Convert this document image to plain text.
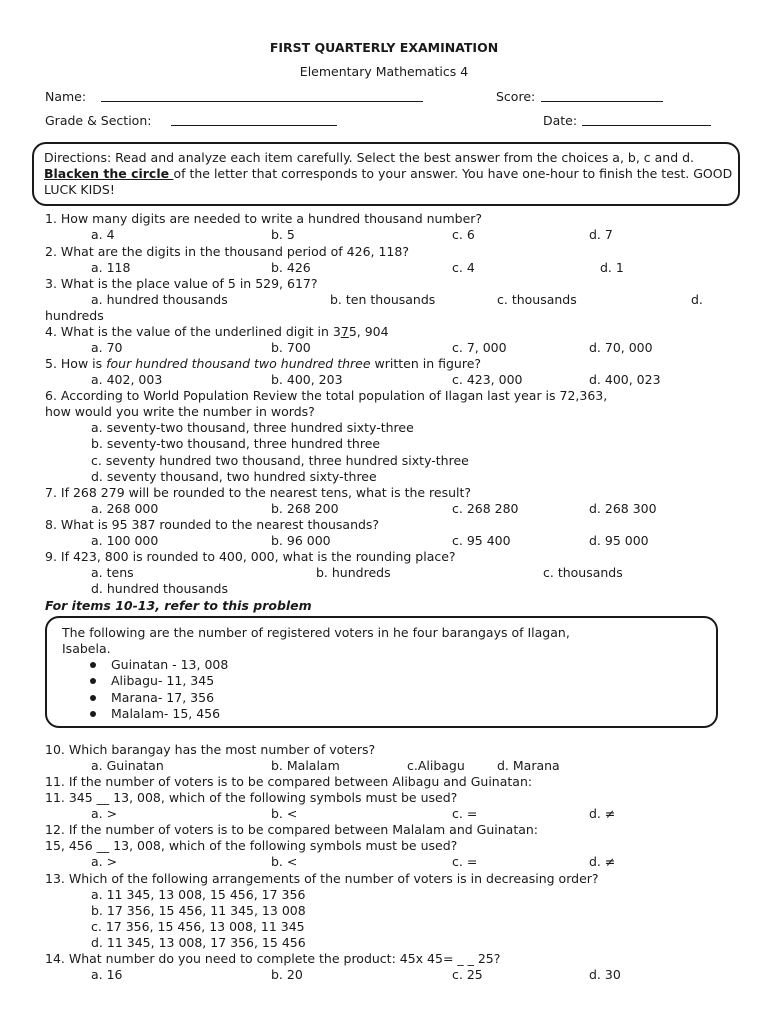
FIRST QUARTERLY EXAMINATION
Elementary Mathematics 4
Name:	Score:
Grade & Section:	Date:
Directions: Read and analyze each item carefully. Select the best answer from the choices a, b, c and d. Blacken the circle of the letter that corresponds to your answer. You have one-hour to finish the test. GOOD LUCK KIDS!
1. How many digits are needed to write a hundred thousand number?
a. 4	b. 5	c. 6	d. 7
2. What are the digits in the thousand period of 426, 118?
a. 118	b. 426	c. 4	d. 1
3. What is the place value of 5 in 529, 617?
a. hundred thousands	b. ten thousands	c. thousands	d.
hundreds
4. What is the value of the underlined digit in 375, 904
a. 70	b. 700	c. 7, 000	d. 70, 000
5. How is four hundred thousand two hundred three written in figure?
a. 402, 003	b. 400, 203	c. 423, 000	d. 400, 023
6. According to World Population Review the total population of Ilagan last year is 72,363,
how would you write the number in words?
a. seventy-two thousand, three hundred sixty-three
b. seventy-two thousand, three hundred three
c. seventy hundred two thousand, three hundred sixty-three
d. seventy thousand, two hundred sixty-three
7. If 268 279 will be rounded to the nearest tens, what is the result?
a. 268 000	b. 268 200	c. 268 280	d. 268 300
8. What is 95 387 rounded to the nearest thousands?
a. 100 000	b. 96 000	c. 95 400	d. 95 000
9. If 423, 800 is rounded to 400, 000, what is the rounding place?
a. tens	b. hundreds	c. thousands
d. hundred thousands
For items 10-13, refer to this problem
The following are the number of registered voters in he four barangays of Ilagan,
Isabela.
Guinatan - 13, 008
Alibagu- 11, 345
Marana- 17, 356
Malalam- 15, 456
10. Which barangay has the most number of voters?
a. Guinatan	b. Malalam	c.Alibagu	d. Marana
11. If the number of voters is to be compared between Alibagu and Guinatan:
11. 345 __ 13, 008, which of the following symbols must be used?
a. >	b. <	c. =	d. ≠
12. If the number of voters is to be compared between Malalam and Guinatan:
15, 456 __ 13, 008, which of the following symbols must be used?
a. >	b. <	c. =	d. ≠
13. Which of the following arrangements of the number of voters is in decreasing order?
a. 11 345, 13 008, 15 456, 17 356
b. 17 356, 15 456, 11 345, 13 008
c. 17 356, 15 456, 13 008, 11 345
d. 11 345, 13 008, 17 356, 15 456
14. What number do you need to complete the product: 45x 45= _ _ 25?
a. 16	b. 20	c. 25	d. 30
